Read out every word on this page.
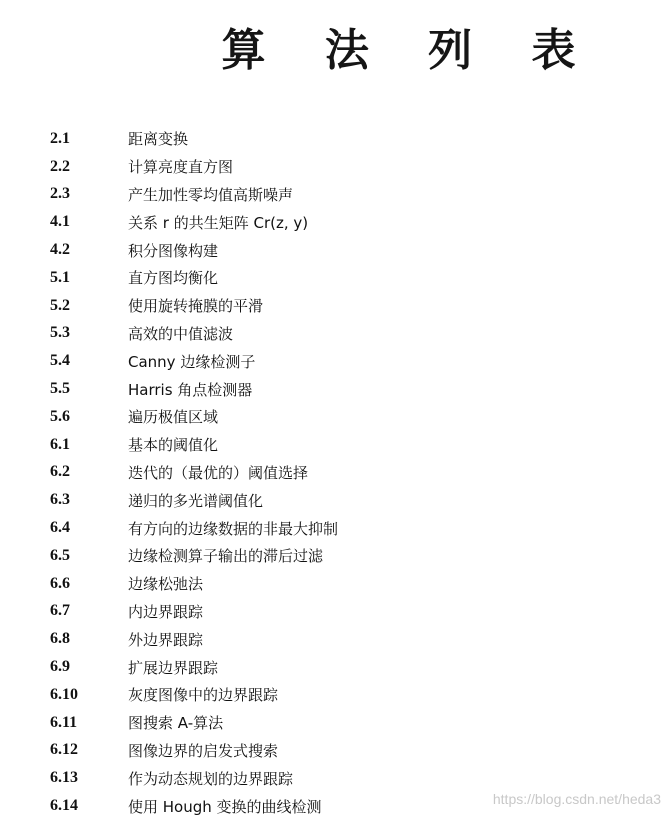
算 法 列 表
2.1	距离变换
2.2	计算亮度直方图
2.3	产生加性零均值高斯噪声
4.1	关系 r 的共生矩阵 Cr(z, y)
4.2	积分图像构建
5.1	直方图均衡化
5.2	使用旋转掩膜的平滑
5.3	高效的中值滤波
5.4	Canny 边缘检测子
5.5	Harris 角点检测器
5.6	遍历极值区域
6.1	基本的阈值化
6.2	迭代的（最优的）阈值选择
6.3	递归的多光谱阈值化
6.4	有方向的边缘数据的非最大抑制
6.5	边缘检测算子输出的滞后过滤
6.6	边缘松弛法
6.7	内边界跟踪
6.8	外边界跟踪
6.9	扩展边界跟踪
6.10	灰度图像中的边界跟踪
6.11	图搜索 A-算法
6.12	图像边界的启发式搜索
6.13	作为动态规划的边界跟踪
6.14	使用 Hough 变换的曲线检测	https://blog.csdn.net/heda3
